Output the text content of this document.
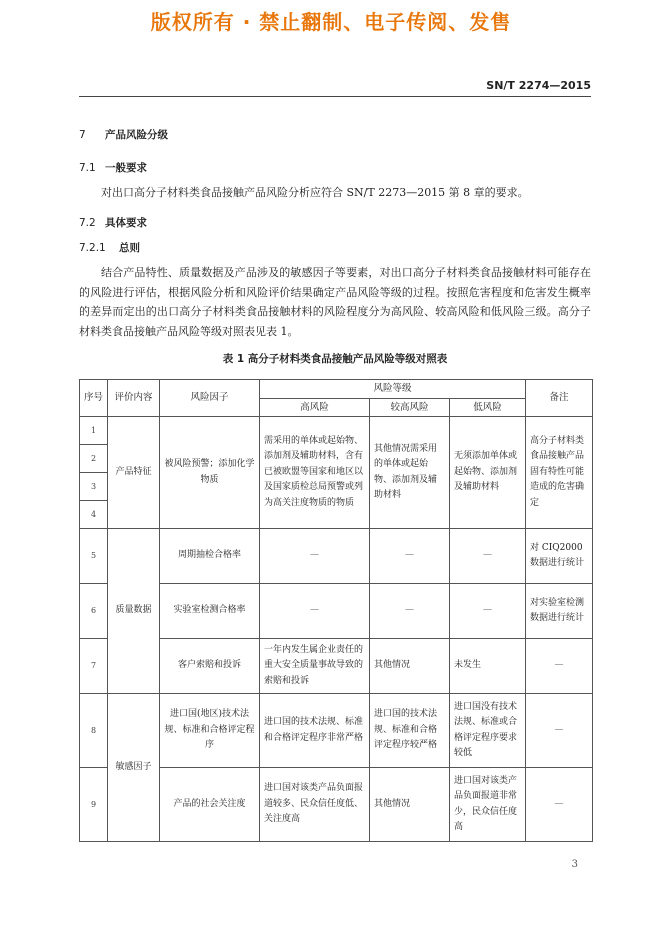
版权所有 · 禁止翻制、电子传阅、发售
SN/T 2274—2015
7 产品风险分级
7.1 一般要求
对出口高分子材料类食品接触产品风险分析应符合 SN/T 2273—2015 第 8 章的要求。
7.2 具体要求
7.2.1 总则
结合产品特性、质量数据及产品涉及的敏感因子等要素，对出口高分子材料类食品接触材料可能存在的风险进行评估，根据风险分析和风险评价结果确定产品风险等级的过程。按照危害程度和危害发生概率的差异而定出的出口高分子材料类食品接触材料的风险程度分为高风险、较高风险和低风险三级。高分子材料类食品接触产品风险等级对照表见表 1。
表 1 高分子材料类食品接触产品风险等级对照表
序号	评价内容	风险因子	风险等级			备注
			高风险	较高风险	低风险	
1	产品特征	被风险预警；添加化学物质	需采用的单体或起始物、添加剂及辅助材料，含有已被欧盟等国家和地区以及国家质检总局预警或列为高关注度物质的物质	其他情况需采用的单体或起始物、添加剂及辅助材料	无须添加单体或起始物、添加剂及辅助材料	高分子材料类食品接触产品固有特性可能造成的危害确定
2						
3						
4						
5	质量数据	周期抽检合格率	—	—	—	对 CIQ2000 数据进行统计
6		实验室检测合格率	—	—	—	对实验室检测数据进行统计
7		客户索赔和投诉	一年内发生属企业责任的重大安全质量事故导致的索赔和投诉	其他情况	未发生	—
8	敏感因子	进口国(地区)技术法规、标准和合格评定程序	进口国的技术法规、标准和合格评定程序非常严格	进口国的技术法规、标准和合格评定程序较严格	进口国没有技术法规、标准或合格评定程序要求较低	—
9		产品的社会关注度	进口国对该类产品负面报道较多、民众信任度低、关注度高	其他情况	进口国对该类产品负面报道非常少，民众信任度高	—
3
